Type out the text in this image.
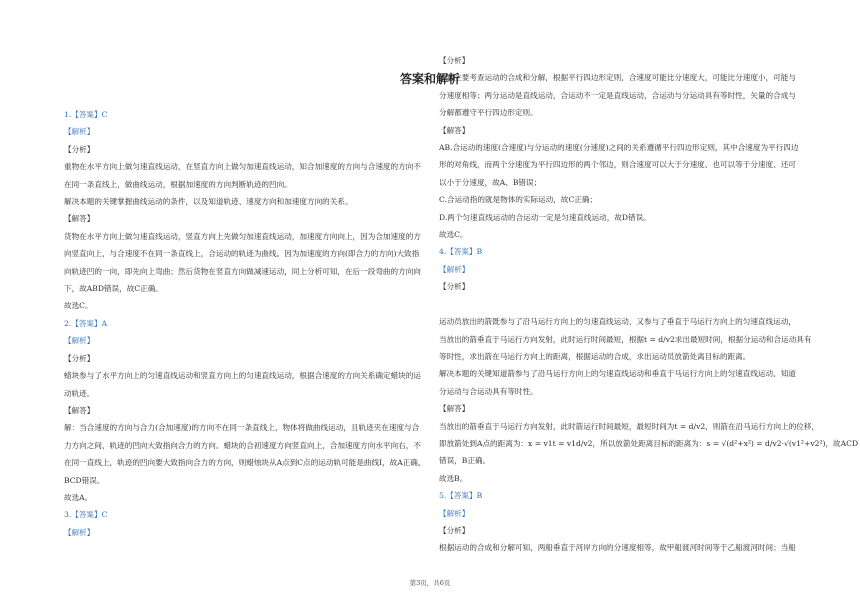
答案和解析
1.【答案】C
【解析】
【分析】
重物在水平方向上做匀速直线运动，在竖直方向上做匀加速直线运动，知合加速度的方向与合速度的方向不
在同一条直线上，做曲线运动，根据加速度的方向判断轨迹的凹向。
解决本题的关键掌握曲线运动的条件，以及知道轨迹、速度方向和加速度方向的关系。
【解答】
货物在水平方向上做匀速直线运动，竖直方向上先做匀加速直线运动，加速度方向向上，因为合加速度的方
向竖直向上，与合速度不在同一条直线上，合运动的轨迹为曲线。因为加速度的方向(即合力的方向)大致指
向轨迹凹的一向，即先向上弯曲；然后货物在竖直方向做减速运动，同上分析可知，在后一段弯曲的方向向
下，故ABD错误，故C正确。
故选C。
2.【答案】A
【解析】
【分析】
蜡块参与了水平方向上的匀速直线运动和竖直方向上的匀速直线运动，根据合速度的方向关系确定蜡块的运
动轨迹。
【解答】
解：当合速度的方向与合力(合加速度)的方向不在同一条直线上，物体将做曲线运动，且轨迹夹在速度与合
力方向之间，轨迹的凹向大致指向合力的方向。蜡块的合初速度方向竖直向上，合加速度方向水平向右，不
在同一直线上，轨迹的凹向要大致指向合力的方向，则蜡烛块从A点到C点的运动轨可能是曲线I，故A正确，
BCD错误。
故选A。
3.【答案】C
【解析】
【分析】
本题主要考查运动的合成和分解，根据平行四边形定则，合速度可能比分速度大，可能比分速度小，可能与
分速度相等；两分运动是直线运动，合运动不一定是直线运动，合运动与分运动具有等时性，矢量的合成与
分解都遵守平行四边形定则。
【解答】
AB.合运动的速度(合速度)与分运动的速度(分速度)之间的关系遵循平行四边形定则，其中合速度为平行四边
形的对角线，而两个分速度为平行四边形的两个邻边，则合速度可以大于分速度、也可以等于分速度、还可
以小于分速度，故A、B错误；
C.合运动指的就是物体的实际运动，故C正确；
D.两个匀速直线运动的合运动一定是匀速直线运动，故D错误。
故选C。
4.【答案】B
【解析】
【分析】

运动员放出的箭既参与了沿马运行方向上的匀速直线运动，又参与了垂直于马运行方向上的匀速直线运动，
当放出的箭垂直于马运行方向发射，此时运行时间最短，根据t = d/v2求出最短时间，根据分运动和合运动具有
等时性，求出箭在马运行方向上的距离，根据运动的合成，求出运动员放箭处离目标的距离。
解决本题的关键知道箭参与了沿马运行方向上的匀速直线运动和垂直于马运行方向上的匀速直线运动，知道
分运动与合运动具有等时性。
【解答】
当放出的箭垂直于马运行方向发射，此时箭运行时间最短，最短时间为t = d/v2，则箭在沿马运行方向上的位移，
即放箭处到A点的距离为：x = v1t = v1d/v2，所以放箭处距离目标的距离为：s = √(d²+x²) = d/v2·√(v1²+v2²)，故ACD
错误，B正确。
故选B。
5.【答案】B
【解析】
【分析】
根据运动的合成和分解可知，两船垂直于河岸方向的分速度相等，故甲船渡河时间等于乙船渡河时间；当船
第3页，共6页
